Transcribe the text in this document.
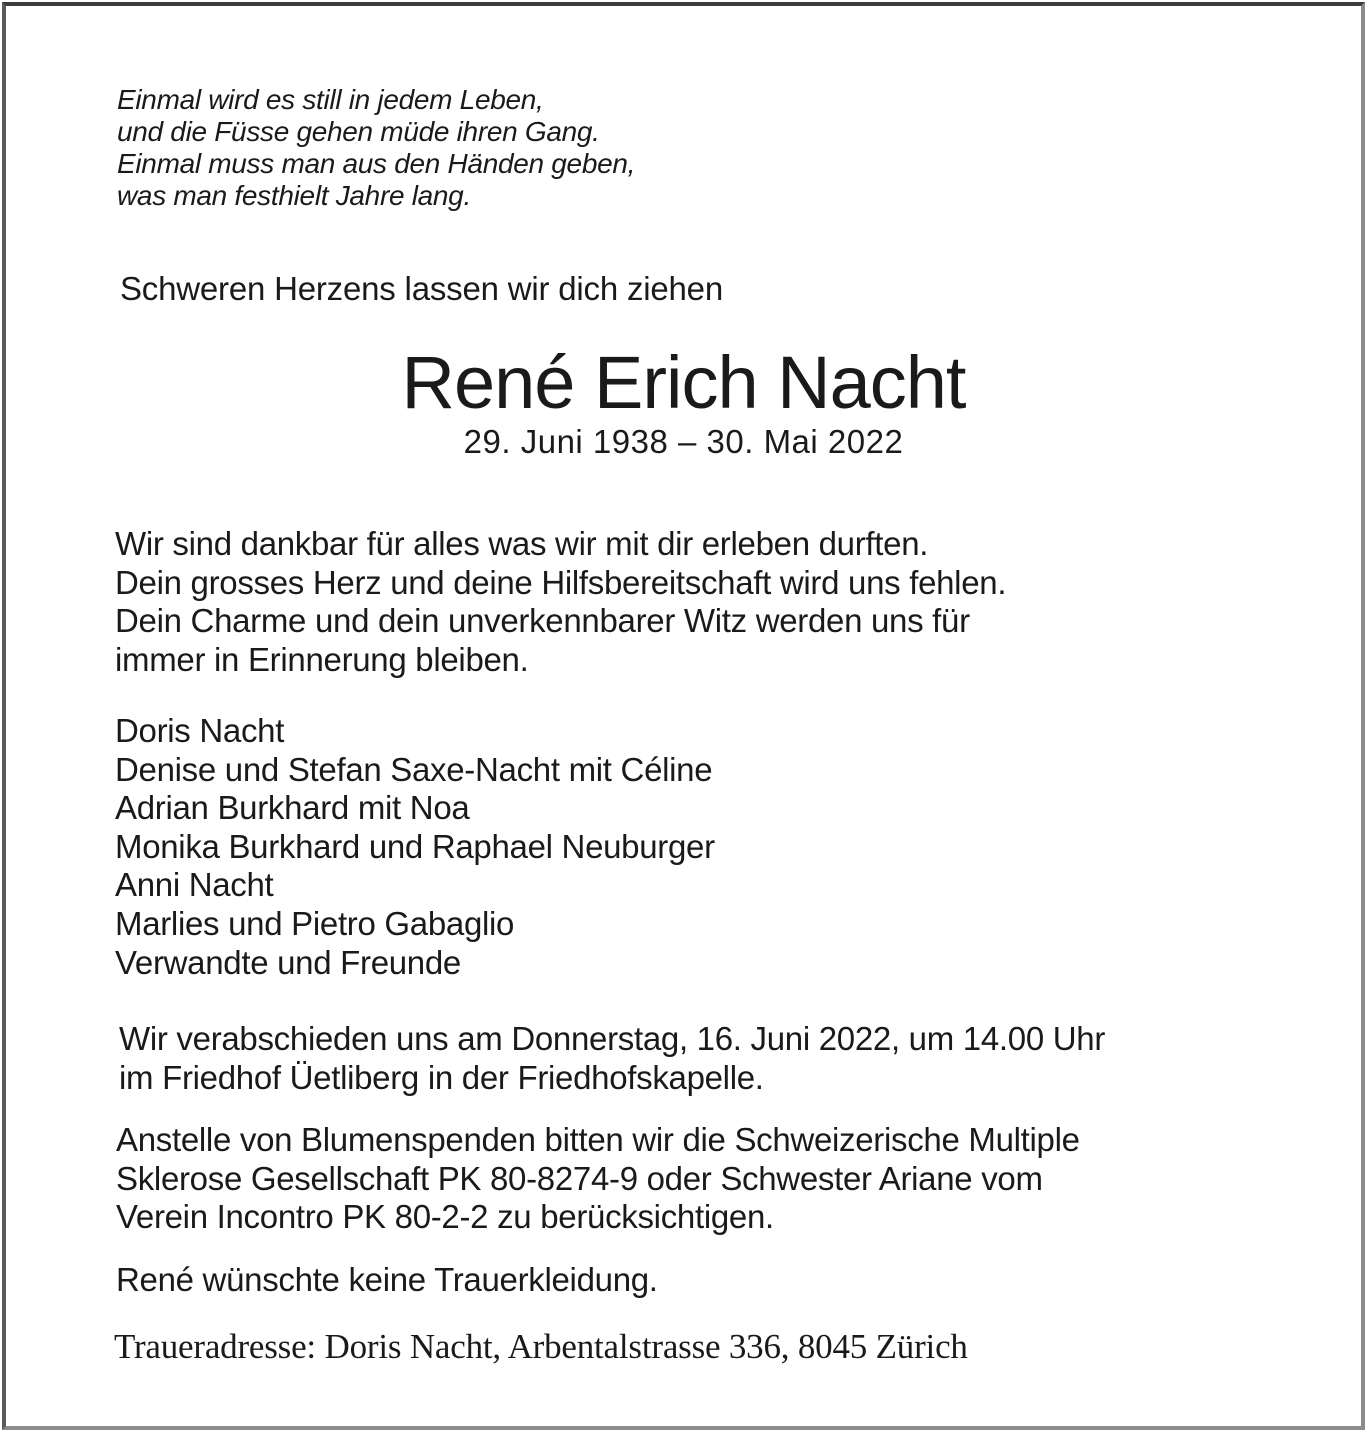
Einmal wird es still in jedem Leben,
und die Füsse gehen müde ihren Gang.
Einmal muss man aus den Händen geben,
was man festhielt Jahre lang.
Schweren Herzens lassen wir dich ziehen
René Erich Nacht
29. Juni 1938 – 30. Mai 2022
Wir sind dankbar für alles was wir mit dir erleben durften.
Dein grosses Herz und deine Hilfsbereitschaft wird uns fehlen.
Dein Charme und dein unverkennbarer Witz werden uns für
immer in Erinnerung bleiben.
Doris Nacht
Denise und Stefan Saxe-Nacht mit Céline
Adrian Burkhard mit Noa
Monika Burkhard und Raphael Neuburger
Anni Nacht
Marlies und Pietro Gabaglio
Verwandte und Freunde
Wir verabschieden uns am Donnerstag, 16. Juni 2022, um 14.00 Uhr
im Friedhof Üetliberg in der Friedhofskapelle.
Anstelle von Blumenspenden bitten wir die Schweizerische Multiple
Sklerose Gesellschaft PK 80-8274-9 oder Schwester Ariane vom
Verein Incontro PK 80-2-2 zu berücksichtigen.
René wünschte keine Trauerkleidung.
Traueradresse: Doris Nacht, Arbentalstrasse 336, 8045 Zürich
